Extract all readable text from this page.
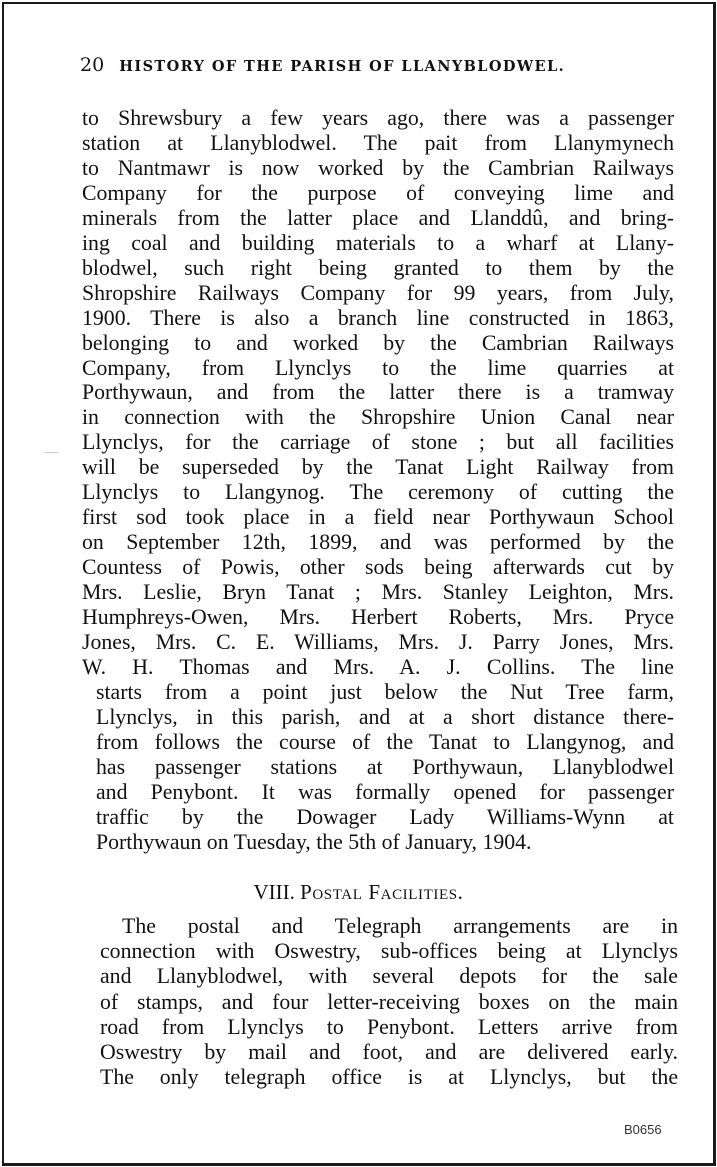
20 HISTORY OF THE PARISH OF LLANYBLODWEL.
to Shrewsbury a few years ago, there was a passenger
station at Llanyblodwel. The pait from Llanymynech
to Nantmawr is now worked by the Cambrian Railways
Company for the purpose of conveying lime and
minerals from the latter place and Llanddû, and bring-
ing coal and building materials to a wharf at Llany-
blodwel, such right being granted to them by the
Shropshire Railways Company for 99 years, from July,
1900. There is also a branch line constructed in 1863,
belonging to and worked by the Cambrian Railways
Company, from Llynclys to the lime quarries at
Porthywaun, and from the latter there is a tramway
in connection with the Shropshire Union Canal near
Llynclys, for the carriage of stone ; but all facilities
will be superseded by the Tanat Light Railway from
Llynclys to Llangynog. The ceremony of cutting the
first sod took place in a field near Porthywaun School
on September 12th, 1899, and was performed by the
Countess of Powis, other sods being afterwards cut by
Mrs. Leslie, Bryn Tanat ; Mrs. Stanley Leighton, Mrs.
Humphreys-Owen, Mrs. Herbert Roberts, Mrs. Pryce
Jones, Mrs. C. E. Williams, Mrs. J. Parry Jones, Mrs.
W. H. Thomas and Mrs. A. J. Collins. The line
starts from a point just below the Nut Tree farm,
Llynclys, in this parish, and at a short distance there-
from follows the course of the Tanat to Llangynog, and
has passenger stations at Porthywaun, Llanyblodwel
and Penybont. It was formally opened for passenger
traffic by the Dowager Lady Williams-Wynn at
Porthywaun on Tuesday, the 5th of January, 1904.
VIII. Postal Facilities.
The postal and Telegraph arrangements are in
connection with Oswestry, sub-offices being at Llynclys
and Llanyblodwel, with several depots for the sale
of stamps, and four letter-receiving boxes on the main
road from Llynclys to Penybont. Letters arrive from
Oswestry by mail and foot, and are delivered early.
The only telegraph office is at Llynclys, but the
B0656
